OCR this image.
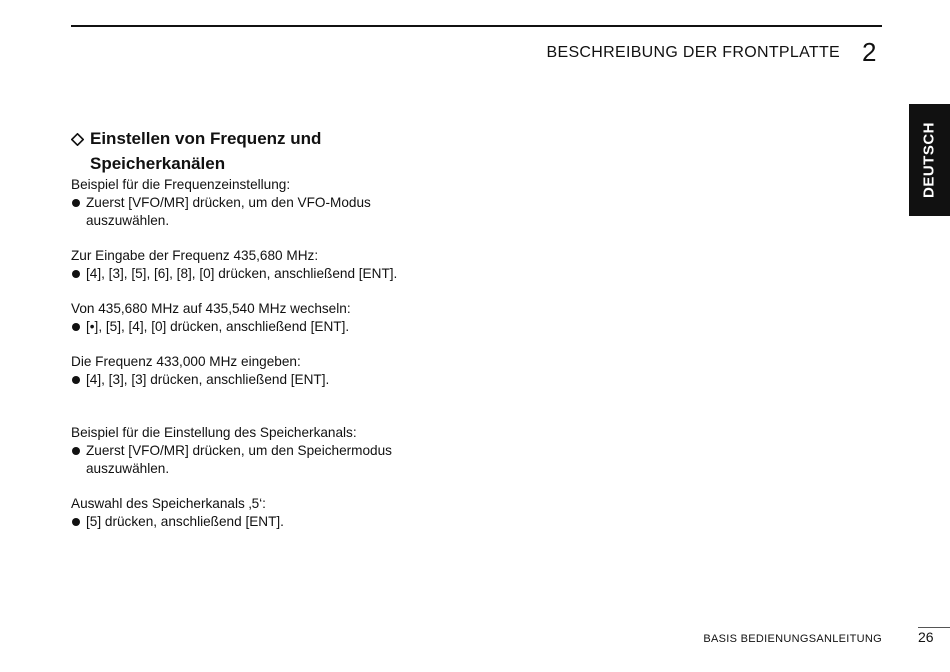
BESCHREIBUNG DER FRONTPLATTE 2
DEUTSCH
Einstellen von Frequenz und
Speicherkanälen

Beispiel für die Frequenzeinstellung:

Zuerst [VFO/MR] drücken, um den VFO-Modus
auszuwählen.

Zur Eingabe der Frequenz 435,680 MHz:

[4], [3], [5], [6], [8], [0] drücken, anschließend [ENT].

Von 435,680 MHz auf 435,540 MHz wechseln:

[•], [5], [4], [0] drücken, anschließend [ENT].

Die Frequenz 433,000 MHz eingeben:

[4], [3], [3] drücken, anschließend [ENT].

Beispiel für die Einstellung des Speicherkanals:

Zuerst [VFO/MR] drücken, um den Speichermodus
auszuwählen.

Auswahl des Speicherkanals ‚5‘:

[5] drücken, anschließend [ENT].
BASIS BEDIENUNGSANLEITUNG	26
